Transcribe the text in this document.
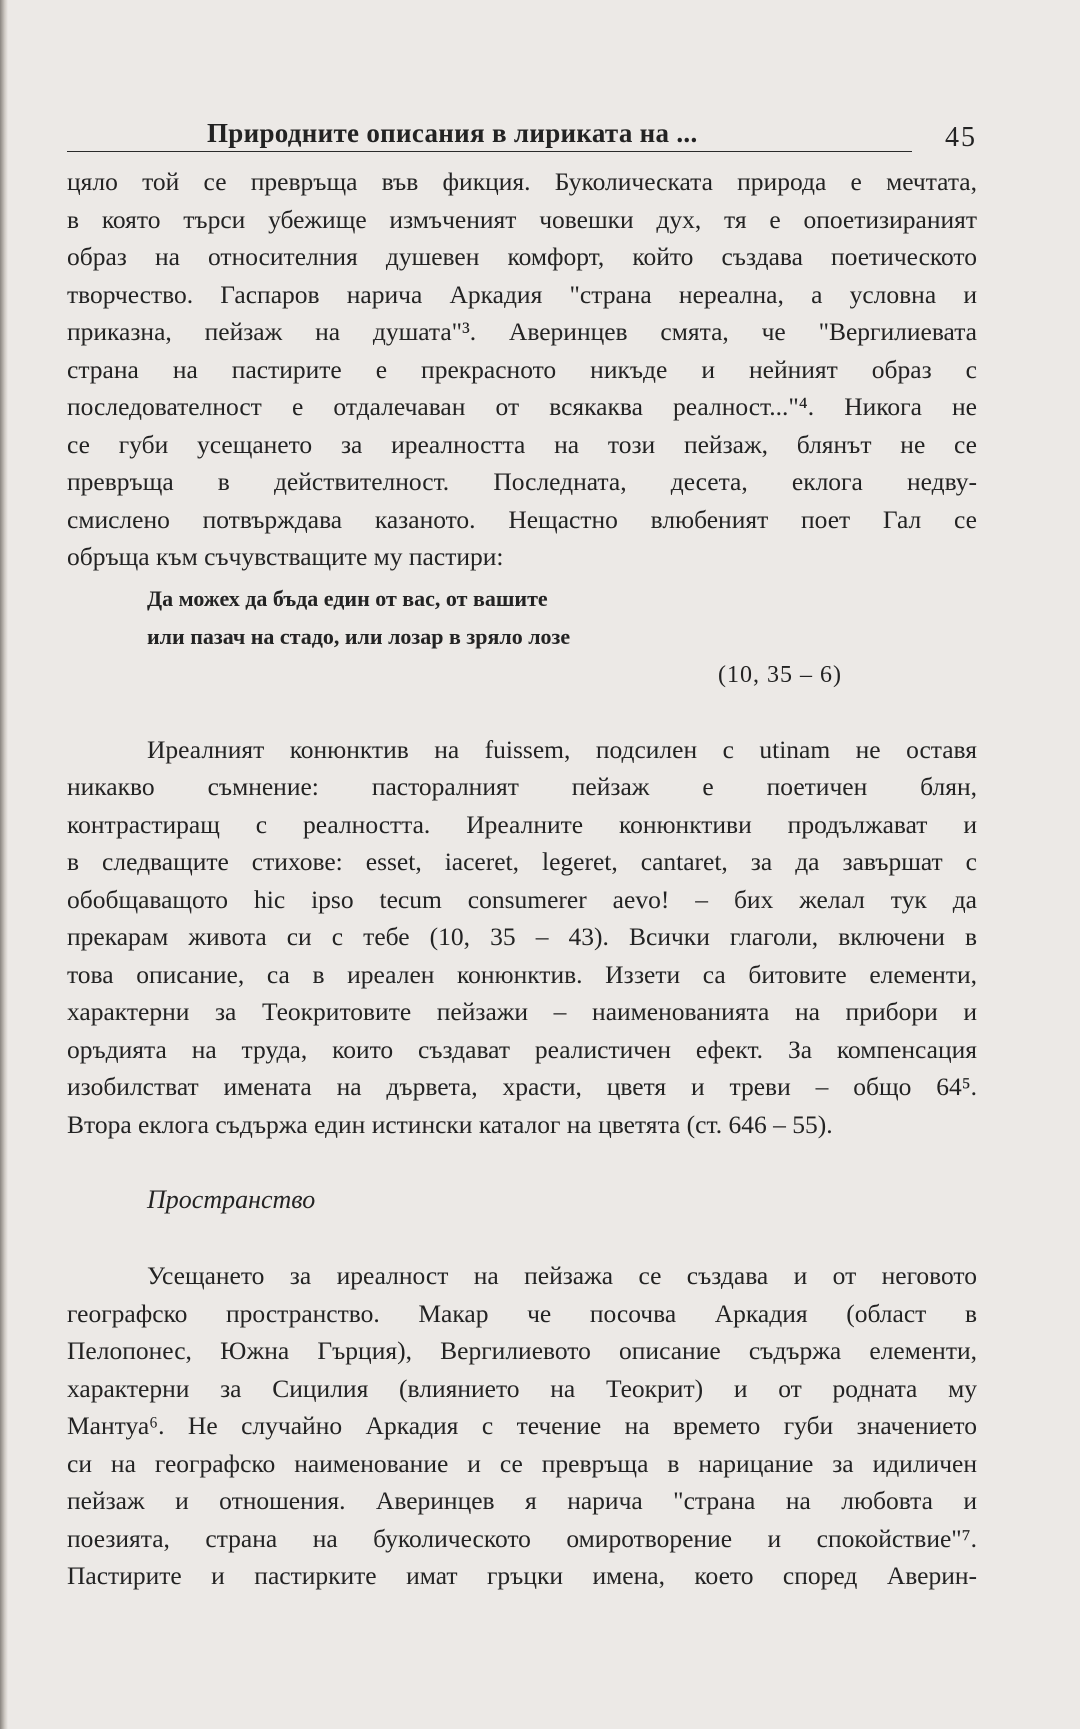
Природните описания в лириката на ...	45
цяло той се превръща във фикция. Буколическата природа е мечтата,
в която търси убежище измъченият човешки дух, тя е опоетизираният
образ на относителния душевен комфорт, който създава поетическото
творчество. Гаспаров нарича Аркадия "страна нереална, а условна и
приказна, пейзаж на душата"³. Аверинцев смята, че "Вергилиевата
страна на пастирите е прекрасното никъде и нейният образ с
последователност е отдалечаван от всякаква реалност..."⁴. Никога не
се губи усещането за ирeалността на този пейзаж, блянът не се
превръща в действителност. Последната, десета, еклога недву-
смислено потвърждава казаното. Нещастно влюбеният поет Гал се
обръща към съчувстващите му пастири:
Да можех да бъда един от вас, от вашите
или пазач на стадо, или лозар в зряло лозе
(10, 35 – 6)
Иреалният конюнктив на fuissem, подсилен с utinam не оставя
никакво съмнение: пасторалният пейзаж е поетичен блян,
контрастиращ с реалността. Иреалните конюнктиви продължават и
в следващите стихове: esset, iaceret, legeret, cantaret, за да завършат с
обобщаващото hic ipso tecum consumerer aevo! – бих желал тук да
прекарам живота си с тебе (10, 35 – 43). Всички глаголи, включени в
това описание, са в иреален конюнктив. Иззети са битовите елементи,
характерни за Теокритовите пейзажи – наименованията на прибори и
оръдията на труда, които създават реалистичен ефект. За компенсация
изобилстват имената на дървета, храсти, цветя и треви – общо 64⁵.
Втора еклога съдържа един истински каталог на цветята (ст. 646 – 55).
Пространство
Усещането за иреалност на пейзажа се създава и от неговото
географско пространство. Макар че посочва Аркадия (област в
Пелопонес, Южна Гърция), Вергилиевото описание съдържа елементи,
характерни за Сицилия (влиянието на Теокрит) и от родната му
Мантуа⁶. Не случайно Аркадия с течение на времето губи значението
си на географско наименование и се превръща в нарицание за идиличен
пейзаж и отношения. Аверинцев я нарича "страна на любовта и
поезията, страна на буколическото омиротворение и спокойствие"⁷.
Пастирите и пастирките имат гръцки имена, което според Аверин-
